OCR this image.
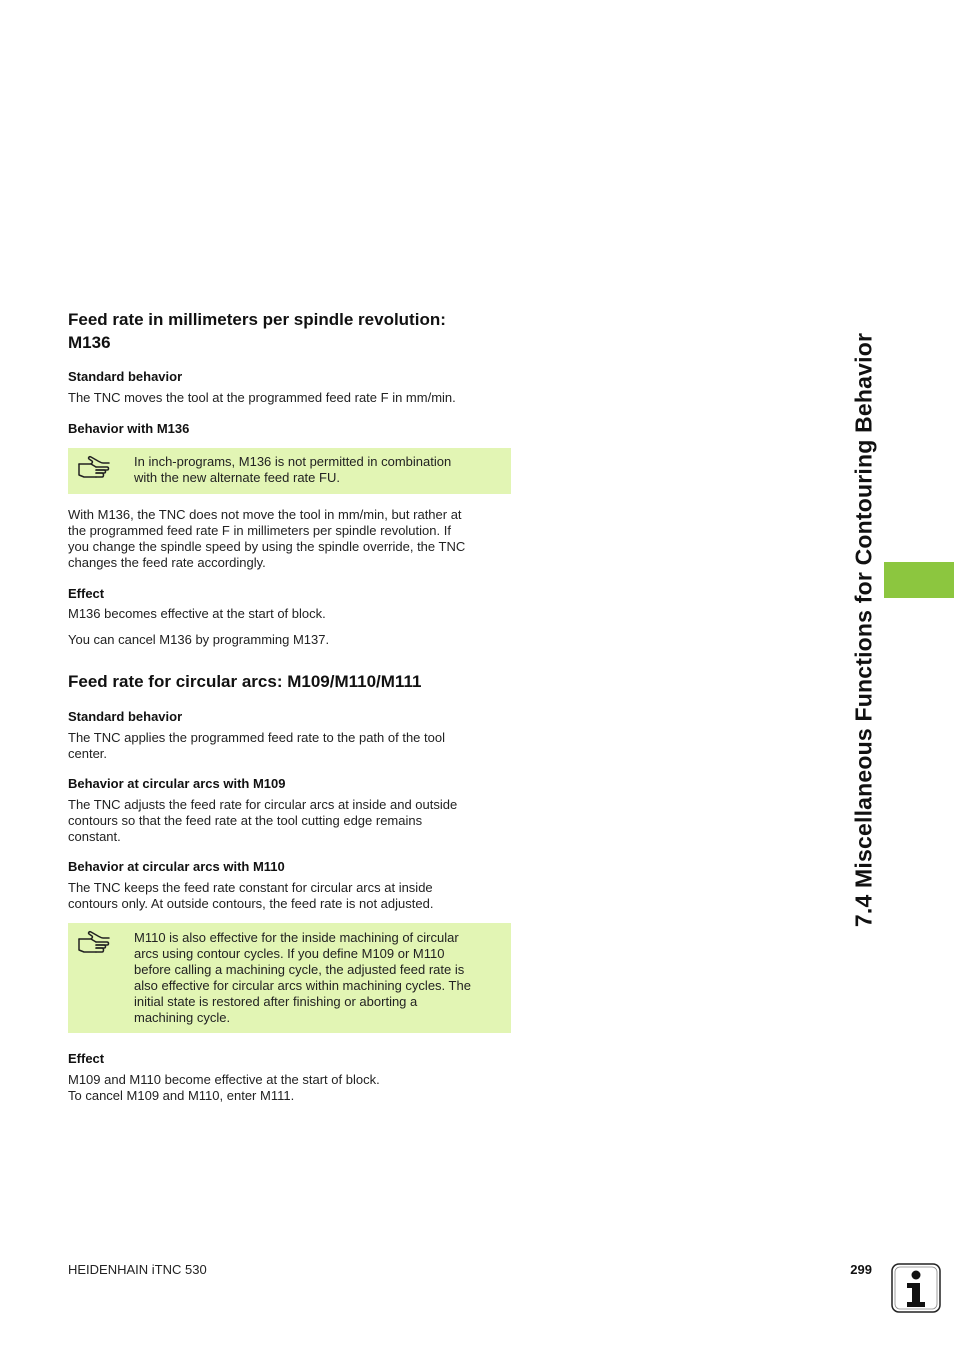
Feed rate in millimeters per spindle revolution:
M136
Standard behavior
The TNC moves the tool at the programmed feed rate F in mm/min.
Behavior with M136
In inch-programs, M136 is not permitted in combination
with the new alternate feed rate FU.
With M136, the TNC does not move the tool in mm/min, but rather at
the programmed feed rate F in millimeters per spindle revolution. If
you change the spindle speed by using the spindle override, the TNC
changes the feed rate accordingly.
Effect
M136 becomes effective at the start of block.
You can cancel M136 by programming M137.
Feed rate for circular arcs: M109/M110/M111
Standard behavior
The TNC applies the programmed feed rate to the path of the tool
center.
Behavior at circular arcs with M109
The TNC adjusts the feed rate for circular arcs at inside and outside
contours so that the feed rate at the tool cutting edge remains
constant.
Behavior at circular arcs with M110
The TNC keeps the feed rate constant for circular arcs at inside
contours only. At outside contours, the feed rate is not adjusted.
M110 is also effective for the inside machining of circular
arcs using contour cycles. If you define M109 or M110
before calling a machining cycle, the adjusted feed rate is
also effective for circular arcs within machining cycles. The
initial state is restored after finishing or aborting a
machining cycle.
Effect
M109 and M110 become effective at the start of block.
To cancel M109 and M110, enter M111.
7.4 Miscellaneous Functions for Contouring Behavior
HEIDENHAIN iTNC 530	299
